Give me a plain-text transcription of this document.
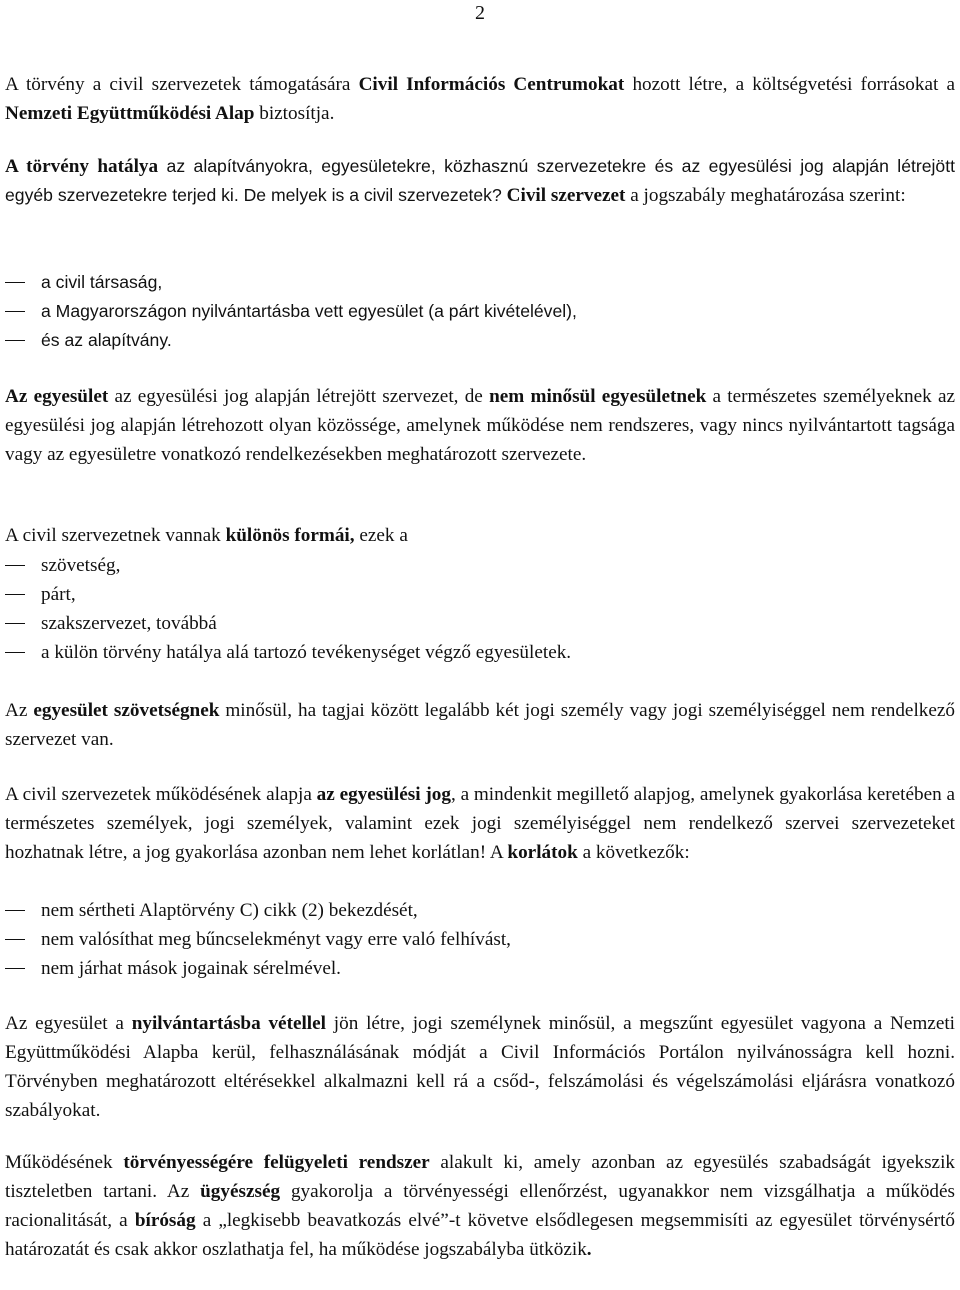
2

A törvény a civil szervezetek támogatására Civil Információs Centrumokat hozott létre, a költségvetési forrásokat a Nemzeti Együttműködési Alap biztosítja.

A törvény hatálya az alapítványokra, egyesületekre, közhasznú szervezetekre és az egyesülési jog alapján létrejött egyéb szervezetekre terjed ki. De melyek is a civil szervezetek? Civil szervezet a jogszabály meghatározása szerint:

a civil társaság,
a Magyarországon nyilvántartásba vett egyesület (a párt kivételével),
és az alapítvány.

Az egyesület az egyesülési jog alapján létrejött szervezet, de nem minősül egyesületnek a természetes személyeknek az egyesülési jog alapján létrehozott olyan közössége, amelynek működése nem rendszeres, vagy nincs nyilvántartott tagsága vagy az egyesületre vonatkozó rendelkezésekben meghatározott szervezete.

A civil szervezetnek vannak különös formái, ezek a

szövetség,
párt,
szakszervezet, továbbá
a külön törvény hatálya alá tartozó tevékenységet végző egyesületek.

Az egyesület szövetségnek minősül, ha tagjai között legalább két jogi személy vagy jogi személyiséggel nem rendelkező szervezet van.

A civil szervezetek működésének alapja az egyesülési jog, a mindenkit megillető alapjog, amelynek gyakorlása keretében a természetes személyek, jogi személyek, valamint ezek jogi személyiséggel nem rendelkező szervei szervezeteket hozhatnak létre, a jog gyakorlása azonban nem lehet korlátlan! A korlátok a következők:

nem sértheti Alaptörvény C) cikk (2) bekezdését,
nem valósíthat meg bűncselekményt vagy erre való felhívást,
nem járhat mások jogainak sérelmével.

Az egyesület a nyilvántartásba vétellel jön létre, jogi személynek minősül, a megszűnt egyesület vagyona a Nemzeti Együttműködési Alapba kerül, felhasználásának módját a Civil Információs Portálon nyilvánosságra kell hozni. Törvényben meghatározott eltérésekkel alkalmazni kell rá a csőd-, felszámolási és végelszámolási eljárásra vonatkozó szabályokat.

Működésének törvényességére felügyeleti rendszer alakult ki, amely azonban az egyesülés szabadságát igyekszik tiszteletben tartani. Az ügyészség gyakorolja a törvényességi ellenőrzést, ugyanakkor nem vizsgálhatja a működés racionalitását, a bíróság a „legkisebb beavatkozás elvé”-t követve elsődlegesen megsemmisíti az egyesület törvénysértő határozatát és csak akkor oszlathatja fel, ha működése jogszabályba ütközik.
